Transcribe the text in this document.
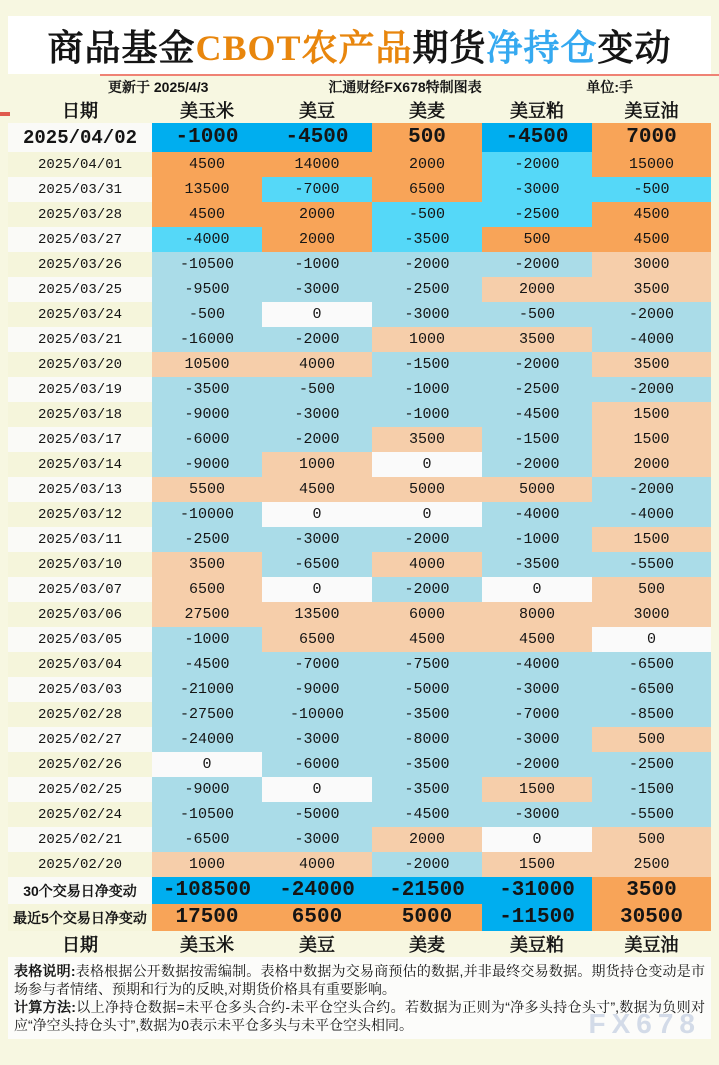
商品基金 CBOT农产品 期货 净持仓 变动
更新于 2025/4/3	汇通财经FX678特制图表	单位:手
日期	美玉米	美豆	美麦	美豆粕	美豆油
2025/04/02	-1000	-4500	500	-4500	7000
2025/04/01	4500	14000	2000	-2000	15000
2025/03/31	13500	-7000	6500	-3000	-500
2025/03/28	4500	2000	-500	-2500	4500
2025/03/27	-4000	2000	-3500	500	4500
2025/03/26	-10500	-1000	-2000	-2000	3000
2025/03/25	-9500	-3000	-2500	2000	3500
2025/03/24	-500	0	-3000	-500	-2000
2025/03/21	-16000	-2000	1000	3500	-4000
2025/03/20	10500	4000	-1500	-2000	3500
2025/03/19	-3500	-500	-1000	-2500	-2000
2025/03/18	-9000	-3000	-1000	-4500	1500
2025/03/17	-6000	-2000	3500	-1500	1500
2025/03/14	-9000	1000	0	-2000	2000
2025/03/13	5500	4500	5000	5000	-2000
2025/03/12	-10000	0	0	-4000	-4000
2025/03/11	-2500	-3000	-2000	-1000	1500
2025/03/10	3500	-6500	4000	-3500	-5500
2025/03/07	6500	0	-2000	0	500
2025/03/06	27500	13500	6000	8000	3000
2025/03/05	-1000	6500	4500	4500	0
2025/03/04	-4500	-7000	-7500	-4000	-6500
2025/03/03	-21000	-9000	-5000	-3000	-6500
2025/02/28	-27500	-10000	-3500	-7000	-8500
2025/02/27	-24000	-3000	-8000	-3000	500
2025/02/26	0	-6000	-3500	-2000	-2500
2025/02/25	-9000	0	-3500	1500	-1500
2025/02/24	-10500	-5000	-4500	-3000	-5500
2025/02/21	-6500	-3000	2000	0	500
2025/02/20	1000	4000	-2000	1500	2500
30个交易日净变动	-108500	-24000	-21500	-31000	3500
最近5个交易日净变动	17500	6500	5000	-11500	30500
日期	美玉米	美豆	美麦	美豆粕	美豆油
表格说明:表格根据公开数据按需编制。表格中数据为交易商预估的数据,并非最终交易数据。期货持仓变动是市场参与者情绪、预期和行为的反映,对期货价格具有重要影响。
计算方法:以上净持仓数据=未平仓多头合约-未平仓空头合约。若数据为正则为“净多头持仓头寸”,数据为负则对应“净空头持仓头寸”,数据为0表示未平仓多头与未平仓空头相同。	FX678
